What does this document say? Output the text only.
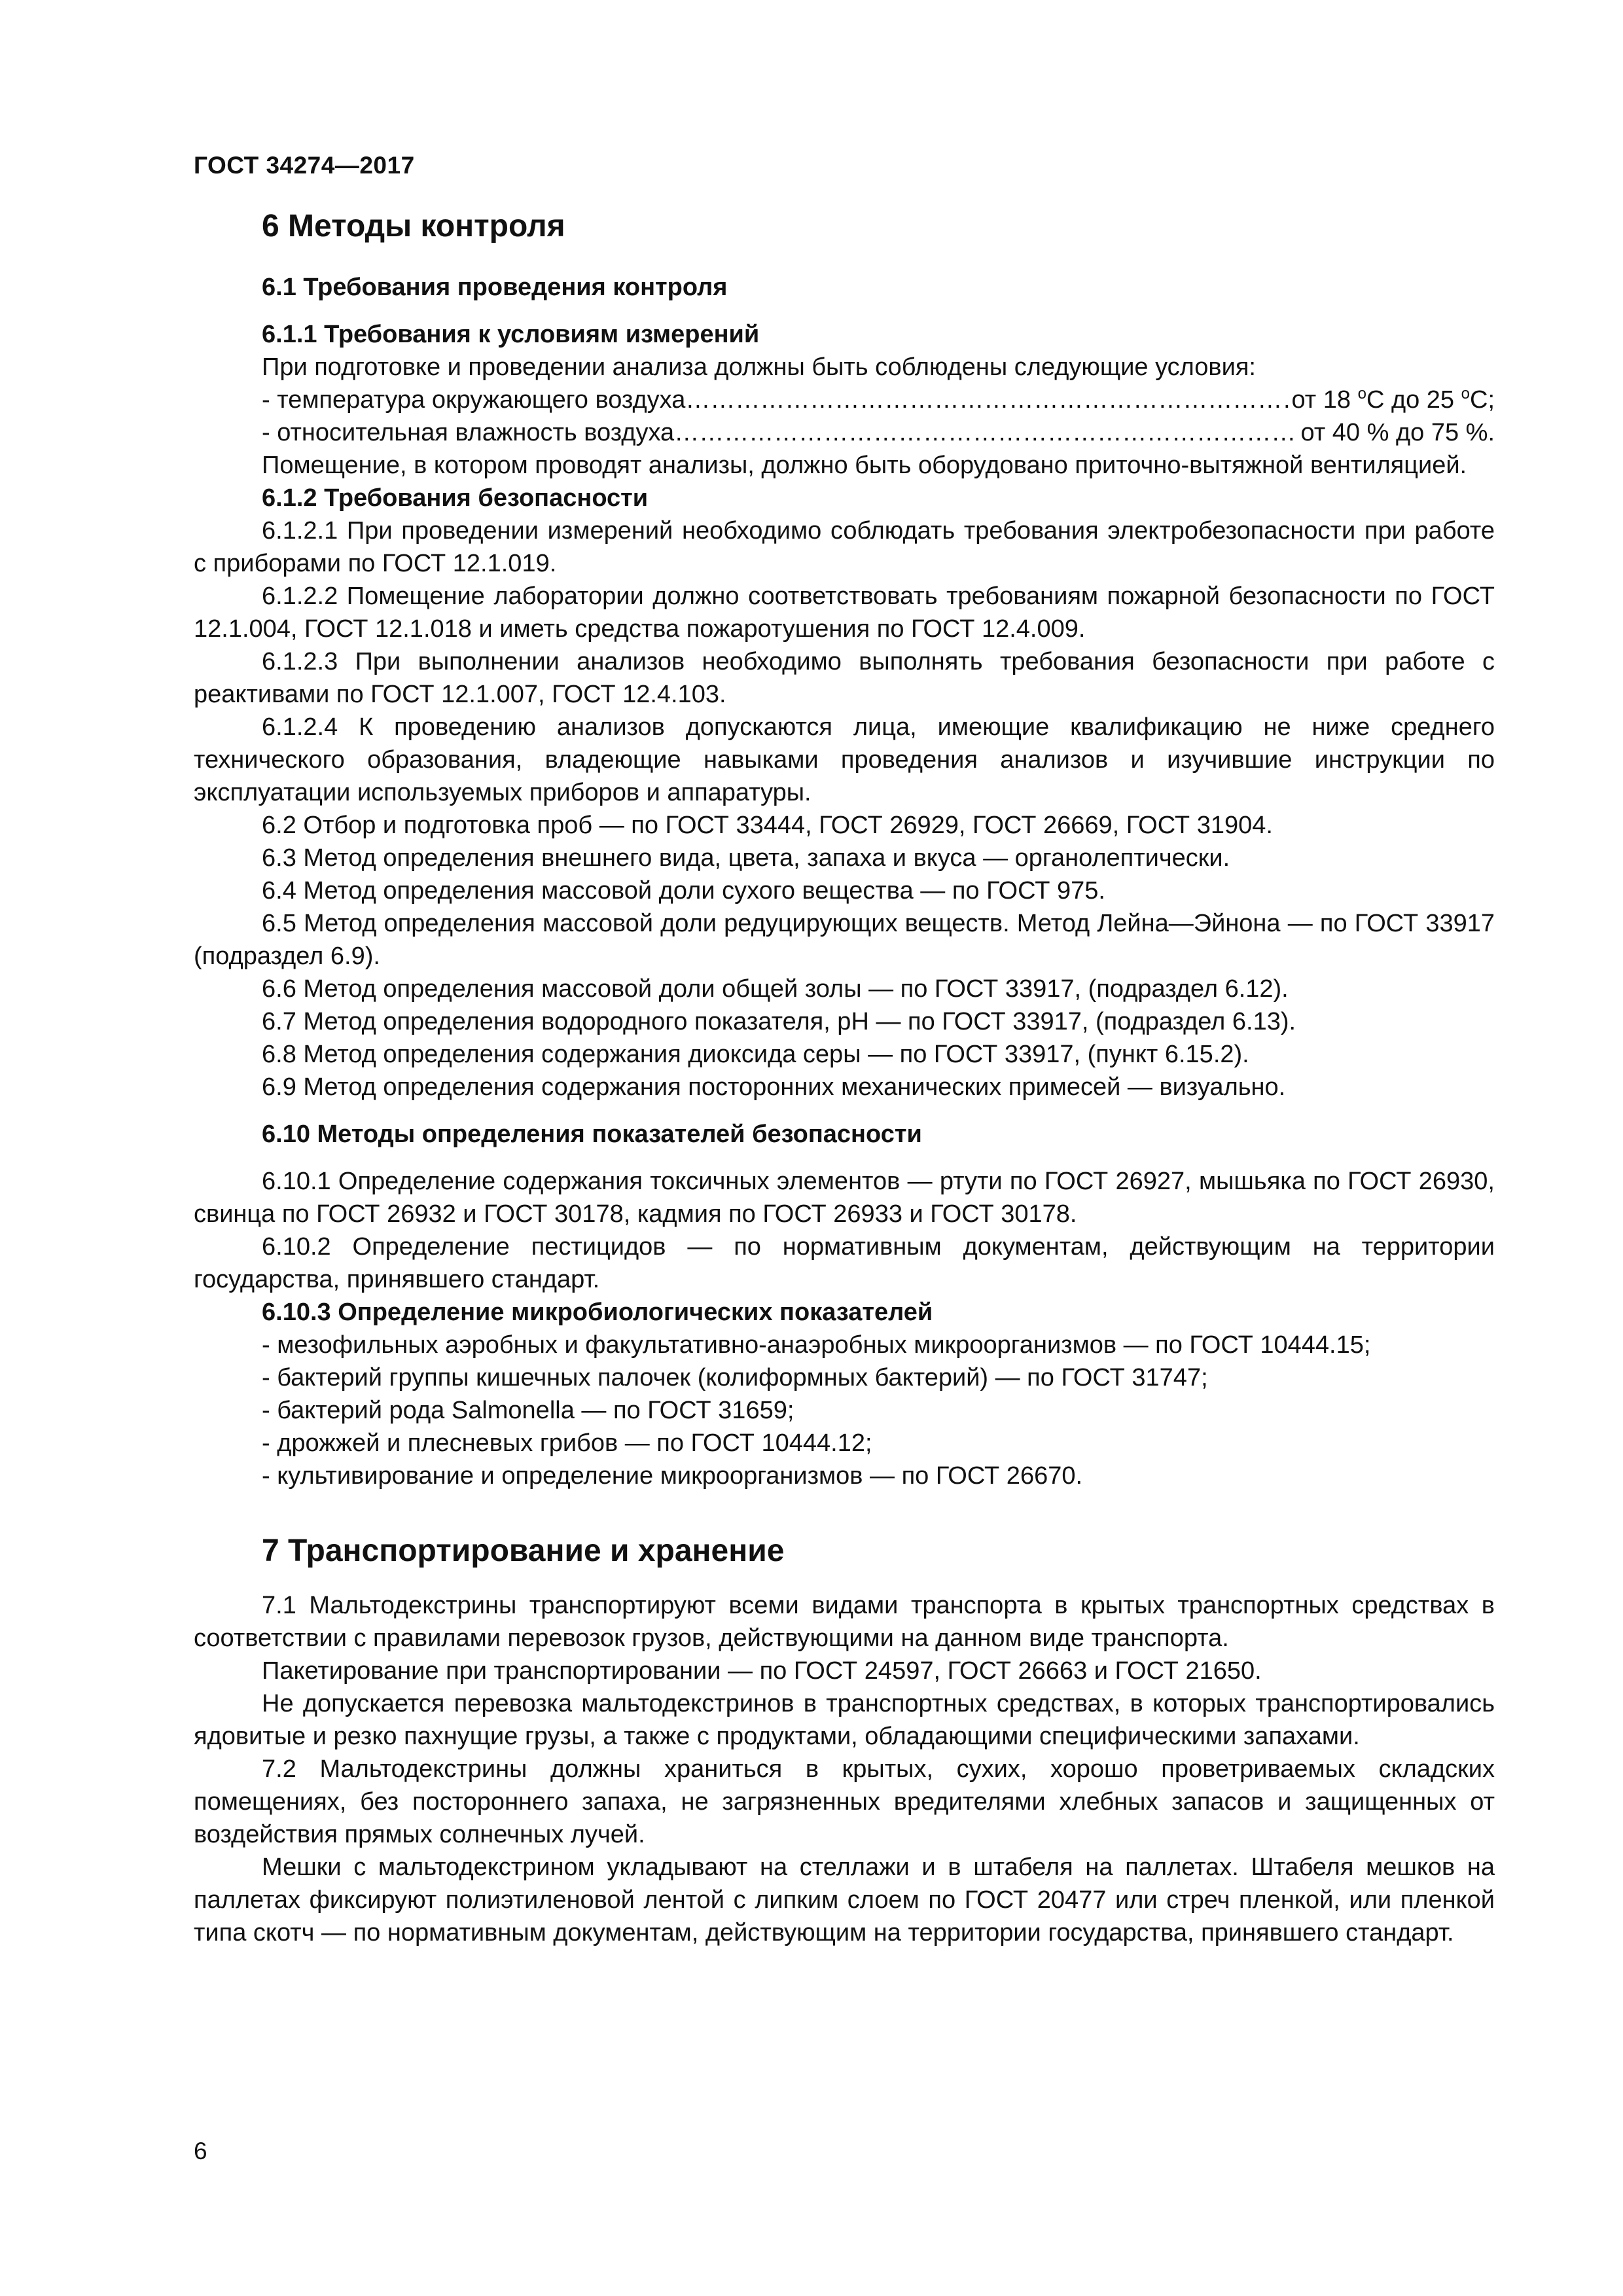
ГОСТ 34274—2017
6 Методы контроля
6.1 Требования проведения контроля
6.1.1 Требования к условиям измерений
При подготовке и проведении анализа должны быть соблюдены следующие условия:
- температура окружающего воздуха …………………………………………………………………………………………………………………………………………………	от 18 $^о$С до 25 $^о$С;
- относительная влажность воздуха …………………………………………………………………………………………………………………………………………………	от 40 % до 75 %.

Помещение, в котором проводят анализы, должно быть оборудовано приточно-вытяжной вентиляцией.

6.1.2 Требования безопасности

6.1.2.1 При проведении измерений необходимо соблюдать требования электробезопасности при работе с приборами по ГОСТ 12.1.019.

6.1.2.2 Помещение лаборатории должно соответствовать требованиям пожарной безопасности по ГОСТ 12.1.004, ГОСТ 12.1.018 и иметь средства пожаротушения по ГОСТ 12.4.009.

6.1.2.3 При выполнении анализов необходимо выполнять требования безопасности при работе с реактивами по ГОСТ 12.1.007, ГОСТ 12.4.103.

6.1.2.4 К проведению анализов допускаются лица, имеющие квалификацию не ниже среднего технического образования, владеющие навыками проведения анализов и изучившие инструкции по эксплуатации используемых приборов и аппаратуры.

6.2 Отбор и подготовка проб — по ГОСТ 33444, ГОСТ 26929, ГОСТ 26669, ГОСТ 31904.

6.3 Метод определения внешнего вида, цвета, запаха и вкуса — органолептически.

6.4 Метод определения массовой доли сухого вещества — по ГОСТ 975.

6.5 Метод определения массовой доли редуцирующих веществ. Метод Лейна—Эйнона — по ГОСТ 33917 (подраздел 6.9).

6.6 Метод определения массовой доли общей золы — по ГОСТ 33917, (подраздел 6.12).

6.7 Метод определения водородного показателя, pH — по ГОСТ 33917, (подраздел 6.13).

6.8 Метод определения содержания диоксида серы — по ГОСТ 33917, (пункт 6.15.2).

6.9 Метод определения содержания посторонних механических примесей — визуально.

6.10 Методы определения показателей безопасности

6.10.1 Определение содержания токсичных элементов — ртути по ГОСТ 26927, мышьяка по ГОСТ 26930, свинца по ГОСТ 26932 и ГОСТ 30178, кадмия по ГОСТ 26933 и ГОСТ 30178.

6.10.2 Определение пестицидов — по нормативным документам, действующим на территории государства, принявшего стандарт.

6.10.3 Определение микробиологических показателей
- мезофильных аэробных и факультативно-анаэробных микроорганизмов — по ГОСТ 10444.15;
- бактерий группы кишечных палочек (колиформных бактерий) — по ГОСТ 31747;
- бактерий рода Salmonella — по ГОСТ 31659;
- дрожжей и плесневых грибов — по ГОСТ 10444.12;
- культивирование и определение микроорганизмов — по ГОСТ 26670.
7 Транспортирование и хранение

7.1 Мальтодекстрины транспортируют всеми видами транспорта в крытых транспортных средствах в соответствии с правилами перевозок грузов, действующими на данном виде транспорта.

Пакетирование при транспортировании — по ГОСТ 24597, ГОСТ 26663 и ГОСТ 21650.

Не допускается перевозка мальтодекстринов в транспортных средствах, в которых транспортировались ядовитые и резко пахнущие грузы, а также с продуктами, обладающими специфическими запахами.

7.2 Мальтодекстрины должны храниться в крытых, сухих, хорошо проветриваемых складских помещениях, без постороннего запаха, не загрязненных вредителями хлебных запасов и защищенных от воздействия прямых солнечных лучей.

Мешки с мальтодекстрином укладывают на стеллажи и в штабеля на паллетах. Штабеля мешков на паллетах фиксируют полиэтиленовой лентой с липким слоем по ГОСТ 20477 или стреч пленкой, или пленкой типа скотч — по нормативным документам, действующим на территории государства, принявшего стандарт.

6
